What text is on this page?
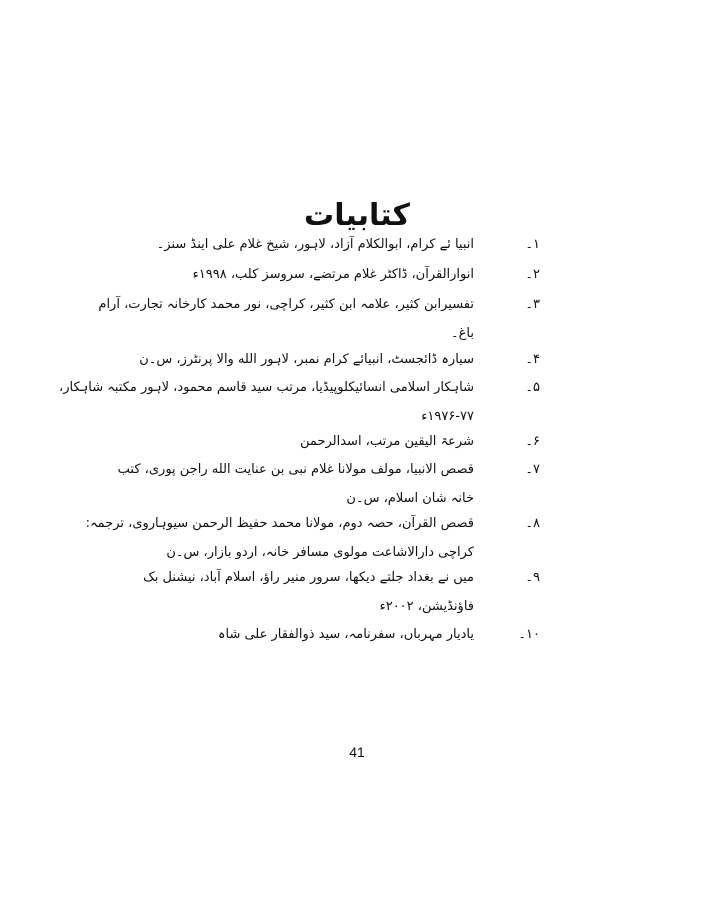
کتابیات
۱۔
انبیا ئے کرام، ابوالکلام آزاد، لاہور، شیخ غلام علی اینڈ سنز۔
۲۔
انوارالقرآن، ڈاکٹر غلام مرتضے، سروسز کلب، ۱۹۹۸ء
۳۔
تفسیرابن کثیر، علامہ ابن کثیر، کراچی، نور محمد کارخانہ تجارت، آرام
باغ۔
۴۔
سیارہ ڈائجسٹ، انبیائے کرام نمبر، لاہور الله والا پرنٹرز، س۔ن
۵۔
شاہکار اسلامی انسائیکلوپیڈیا، مرتب سید قاسم محمود، لاہور مکتبہ شاہکار،
۱۹۷۶-۷۷ء
۶۔
شرعۃ الیقین مرتب، اسدالرحمن
۷۔
قصص الانبیا، مولف مولانا غلام نبی بن عنایت الله راجن پوری، کتب
خانہ شان اسلام، س۔ن
۸۔
قصص القرآن، حصہ دوم، مولانا محمد حفیظ الرحمن سیوہاروی، ترجمہ:
کراچی دارالاشاعت مولوی مسافر خانہ، اردو بازار، س۔ن
۹۔
میں نے بغداد جلتے دیکھا، سرور منیر راؤ، اسلام آباد، نیشنل بک
فاؤنڈیشن، ۲۰۰۲ء
۱۰۔
یادیار مہرباں، سفرنامہ، سید ذوالفقار علی شاہ

41
